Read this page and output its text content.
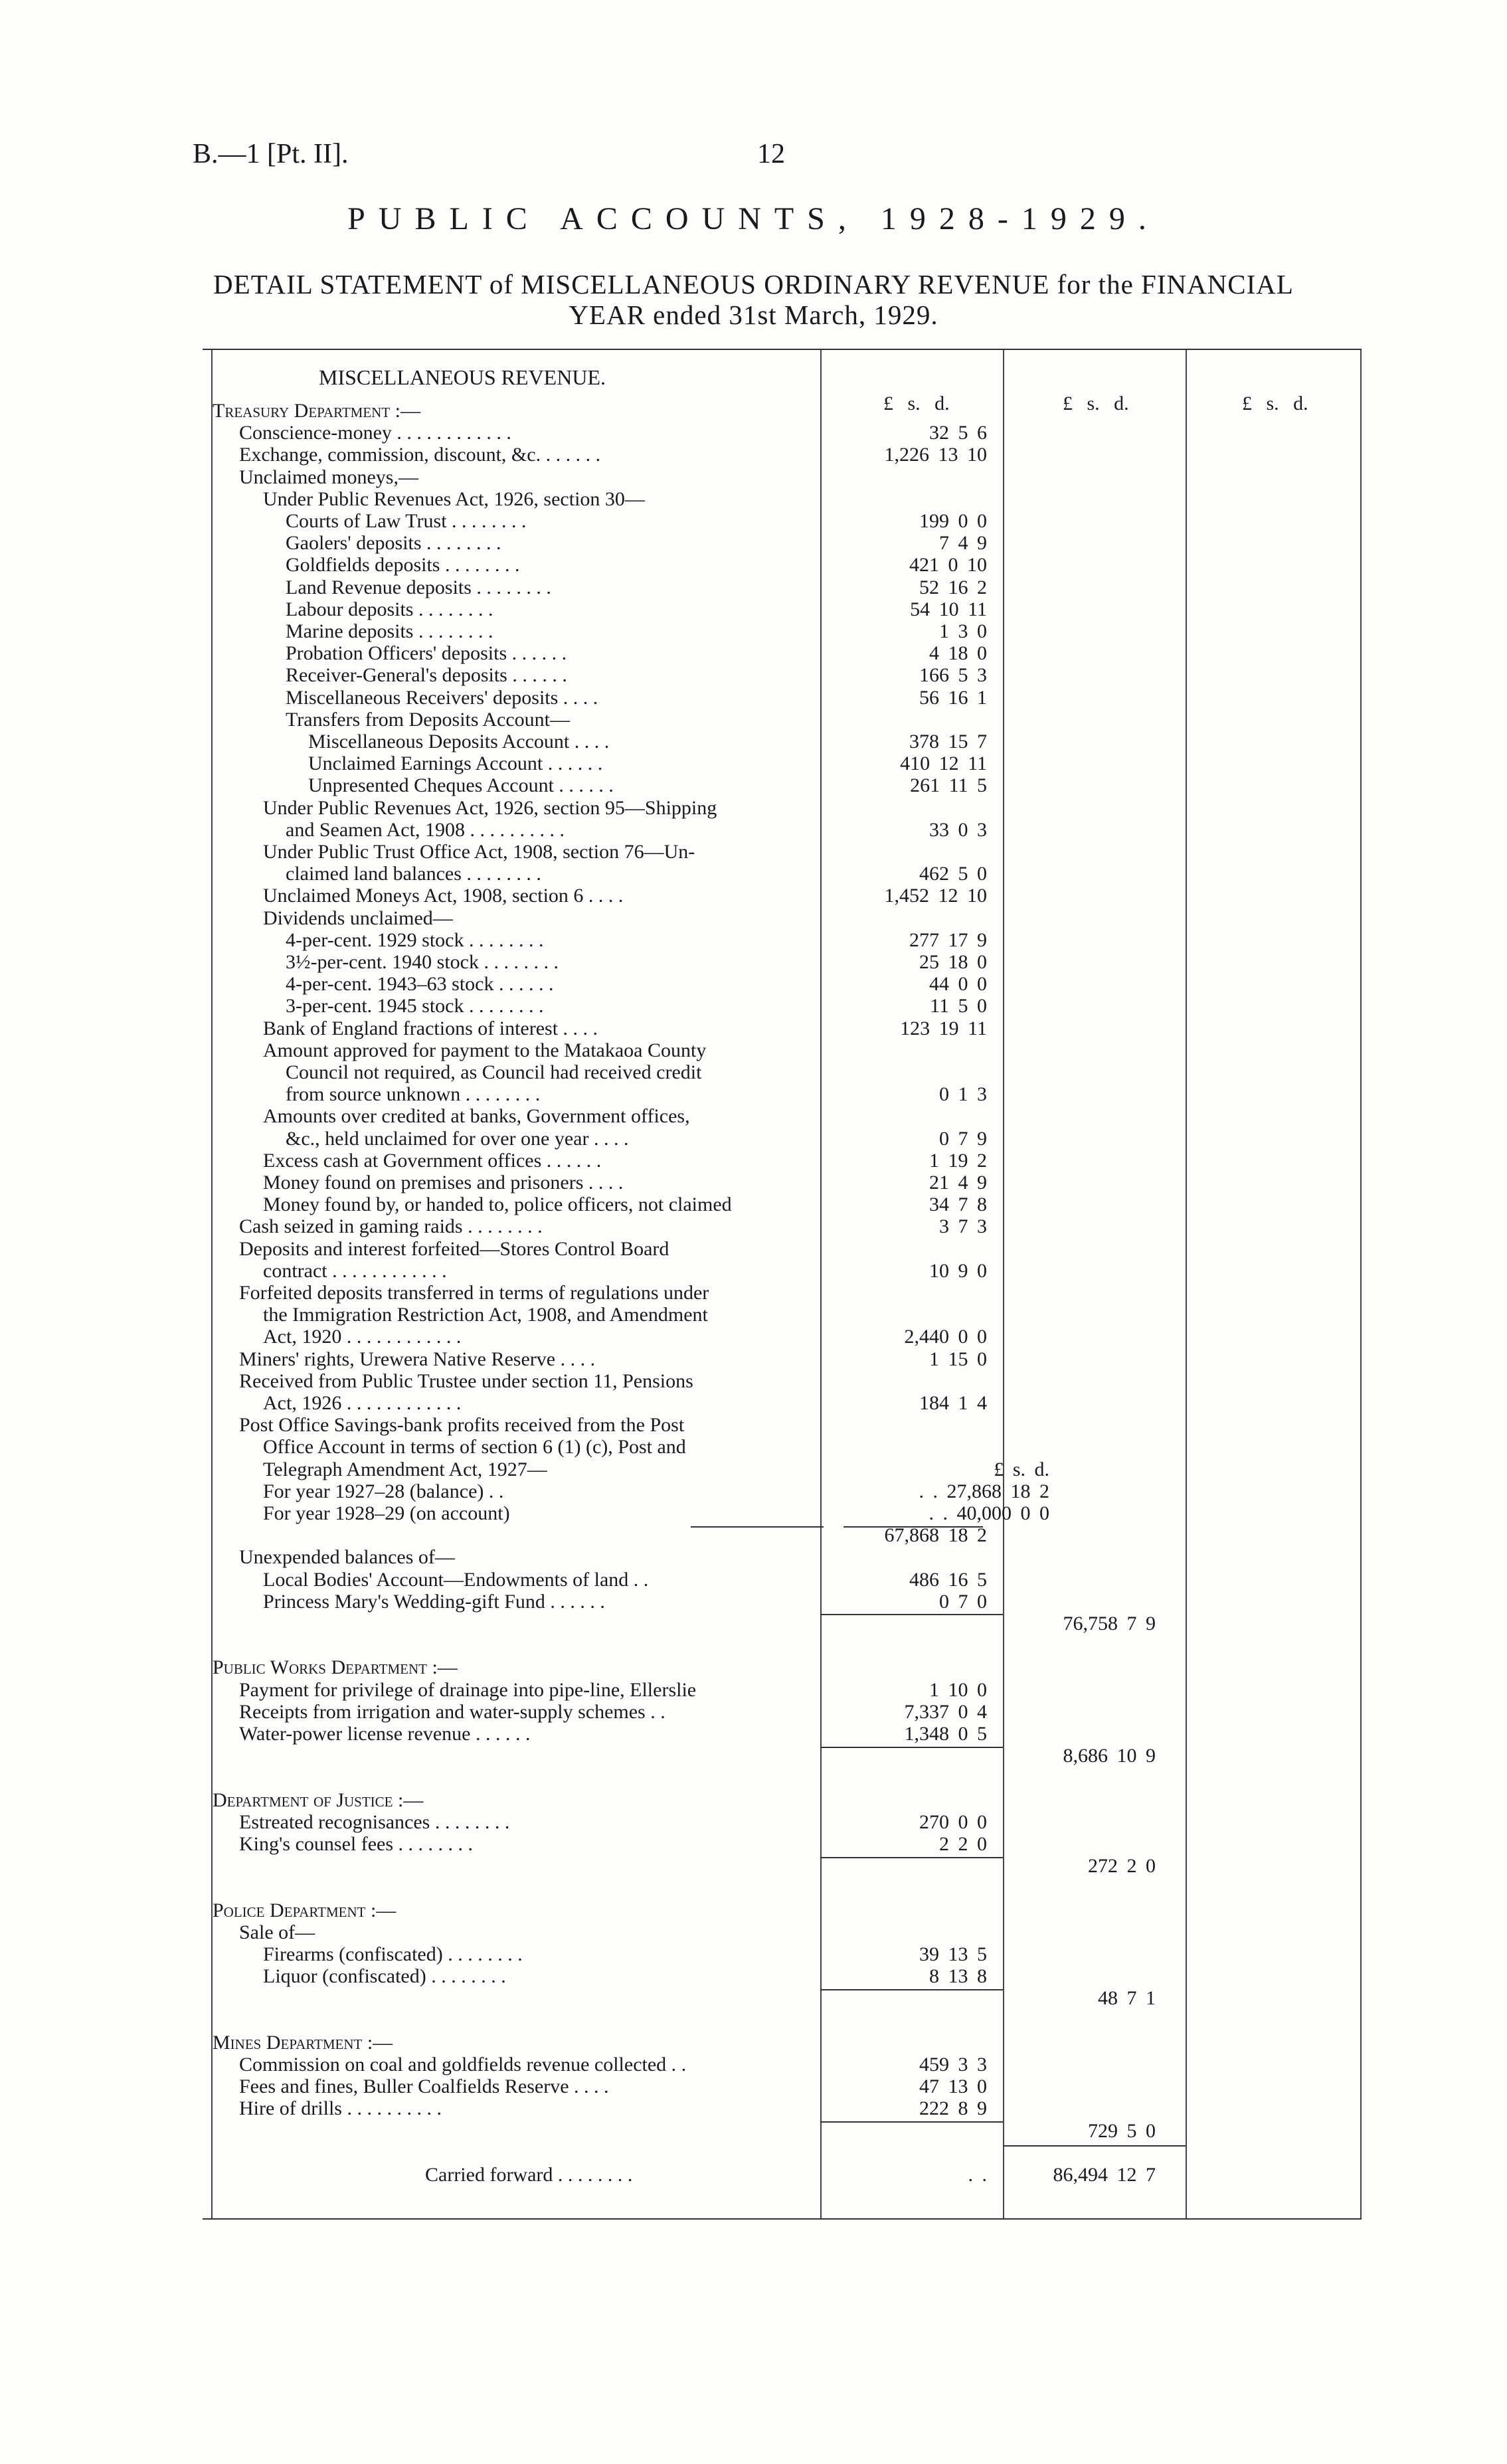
B.—1 [Pt. II].	12
PUBLIC ACCOUNTS, 1928-1929.
DETAIL STATEMENT of MISCELLANEOUS ORDINARY REVENUE for the FINANCIAL
YEAR ended 31st March, 1929.
MISCELLANEOUS REVENUE.
£ s. d.	£ s. d.	£ s. d.
Treasury Department :—
Conscience-money . . . . . . . . . . . .	32 5 6
Exchange, commission, discount, &c. . . . . . .	1,226 13 10
Unclaimed moneys,—
Under Public Revenues Act, 1926, section 30—
Courts of Law Trust . . . . . . . .	199 0 0
Gaolers' deposits . . . . . . . .	7 4 9
Goldfields deposits . . . . . . . .	421 0 10
Land Revenue deposits . . . . . . . .	52 16 2
Labour deposits . . . . . . . .	54 10 11
Marine deposits . . . . . . . .	1 3 0
Probation Officers' deposits . . . . . .	4 18 0
Receiver-General's deposits . . . . . .	166 5 3
Miscellaneous Receivers' deposits . . . .	56 16 1
Transfers from Deposits Account—
Miscellaneous Deposits Account . . . .	378 15 7
Unclaimed Earnings Account . . . . . .	410 12 11
Unpresented Cheques Account . . . . . .	261 11 5
Under Public Revenues Act, 1926, section 95—Shipping
and Seamen Act, 1908 . . . . . . . . . .	33 0 3
Under Public Trust Office Act, 1908, section 76—Un-
claimed land balances . . . . . . . .	462 5 0
Unclaimed Moneys Act, 1908, section 6 . . . .	1,452 12 10
Dividends unclaimed—
4-per-cent. 1929 stock . . . . . . . .	277 17 9
3½-per-cent. 1940 stock . . . . . . . .	25 18 0
4-per-cent. 1943–63 stock . . . . . .	44 0 0
3-per-cent. 1945 stock . . . . . . . .	11 5 0
Bank of England fractions of interest . . . .	123 19 11
Amount approved for payment to the Matakaoa County
Council not required, as Council had received credit
from source unknown . . . . . . . .	0 1 3
Amounts over credited at banks, Government offices,
&c., held unclaimed for over one year . . . .	0 7 9
Excess cash at Government offices . . . . . .	1 19 2
Money found on premises and prisoners . . . .	21 4 9
Money found by, or handed to, police officers, not claimed	34 7 8
Cash seized in gaming raids . . . . . . . .	3 7 3
Deposits and interest forfeited—Stores Control Board
contract . . . . . . . . . . . .	10 9 0
Forfeited deposits transferred in terms of regulations under
the Immigration Restriction Act, 1908, and Amendment
Act, 1920 . . . . . . . . . . . .	2,440 0 0
Miners' rights, Urewera Native Reserve . . . .	1 15 0
Received from Public Trustee under section 11, Pensions
Act, 1926 . . . . . . . . . . . .	184 1 4
Post Office Savings-bank profits received from the Post
Office Account in terms of section 6 (1) (c), Post and
Telegraph Amendment Act, 1927—	£ s. d.
For year 1927–28 (balance) . .	. . 27,868 18 2
For year 1928–29 (on account)	. . 40,000 0 0
67,868 18 2
Unexpended balances of—
Local Bodies' Account—Endowments of land . .	486 16 5
Princess Mary's Wedding-gift Fund . . . . . .	0 7 0
76,758 7 9
Public Works Department :—
Payment for privilege of drainage into pipe-line, Ellerslie	1 10 0
Receipts from irrigation and water-supply schemes . .	7,337 0 4
Water-power license revenue . . . . . .	1,348 0 5
8,686 10 9
Department of Justice :—
Estreated recognisances . . . . . . . .	270 0 0
King's counsel fees . . . . . . . .	2 2 0
272 2 0
Police Department :—
Sale of—
Firearms (confiscated) . . . . . . . .	39 13 5
Liquor (confiscated) . . . . . . . .	8 13 8
48 7 1
Mines Department :—
Commission on coal and goldfields revenue collected . .	459 3 3
Fees and fines, Buller Coalfields Reserve . . . .	47 13 0
Hire of drills . . . . . . . . . .	222 8 9
729 5 0
Carried forward . . . . . . . .	. .	86,494 12 7
